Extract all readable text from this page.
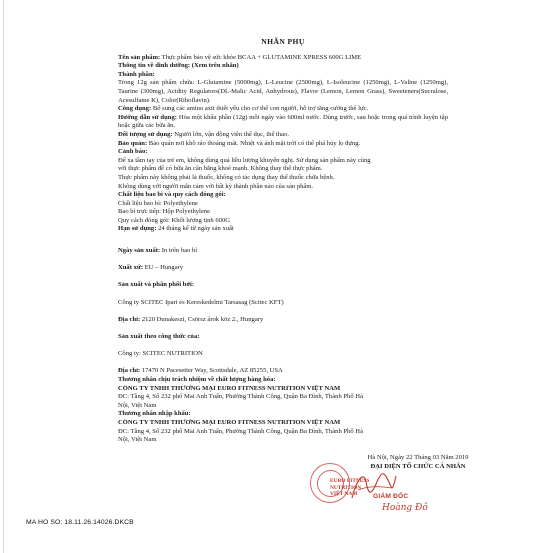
NHÃN PHỤ
Tên sản phẩm: Thực phẩm bảo vệ sức khỏe BCAA + GLUTAMINE XPRESS 600G LIME
Thông tin về dinh dưỡng: (Xem trên nhãn)
Thành phần:
Trong 12g sản phẩm chứa: L-Glutamine (5000mg), L-Leucine (2500mg), L-Isoleucine (1250mg), L-Valine (1250mg), Taurine (300mg), Acidity Regulators(DL-Malic Acid, Anhydrous), Flavor (Lemon, Lemon Grass), Sweeteners(Sucralose, Acesulfame K), Color(Riboflavin).
Công dụng: Bổ sung các amino axit thiết yếu cho cơ thể con người, hỗ trợ tăng cường thể lực.
Hướng dẫn sử dụng: Hòa một khẩu phần (12g) mỗi ngày vào 600ml nước. Dùng trước, sau hoặc trong quá trình luyện tập hoặc giữa các bữa ăn.
Đối tượng sử dụng: Người lớn, vận động viên thể dục, thể thao.
Bảo quản: Bảo quản nơi khô ráo thoáng mát. Nhiệt và ánh mặt trời có thể phá hủy lọ đựng.
Cảnh báo:
Để xa tầm tay của trẻ em, không dùng quá liều lượng khuyến nghị. Sử dụng sản phẩm này cùng
với thực phẩm để có bữa ăn cân bằng khoẻ mạnh. Không thay thế thực phẩm.
Thực phẩm này không phải là thuốc, không có tác dụng thay thế thuốc chữa bệnh.
Không dùng với người mẫn cảm với bất kỳ thành phần nào của sản phẩm.
Chất liệu bao bì và quy cách đóng gói:
Chất liệu bao bì: Polyethylene
Bao bì trực tiếp: Hộp Polyethylene
Quy cách đóng gói: Khối lượng tịnh 600G
Hạn sử dụng: 24 tháng kể từ ngày sản xuất
Ngày sản xuất: In trên bao bì
Xuất xứ: EU – Hungary
Sản xuất và phân phối bởi:
Công ty SCITEC Ipari és Kereskedelmi Tarsasag (Scitec KFT)
Địa chỉ: 2120 Dunakeszi, Csörsz árok köz 2., Hungary
Sản xuất theo công thức của:
Công ty: SCITEC NUTRITION
Địa chỉ: 17470 N Pacesetter Way, Scottsdale, AZ 85255, USA
Thương nhân chịu trách nhiệm về chất lượng hàng hóa:
CÔNG TY TNHH THƯƠNG MẠI EURO FITNESS NUTRITION VIỆT NAM
ĐC: Tầng 4, Số 232 phố Mai Anh Tuấn, Phường Thành Công, Quận Ba Đình, Thành Phố Hà
Nội, Việt Nam
Thương nhân nhập khẩu:
CÔNG TY TNHH THƯƠNG MẠI EURO FITNESS NUTRITION VIỆT NAM
ĐC: Tầng 4, Số 232 phố Mai Anh Tuấn, Phường Thành Công, Quận Ba Đình, Thành Phố Hà
Nội, Việt Nam
Hà Nội, Ngày 22 Tháng 03 Năm 2019
ĐẠI DIỆN TỔ CHỨC CÁ NHÂN
EURO FITNESS
NUTRITION
VIỆT NAM	GIÁM ĐỐC
Hoàng Đô
MA HO SO: 18.11.26.14026.DKCB
